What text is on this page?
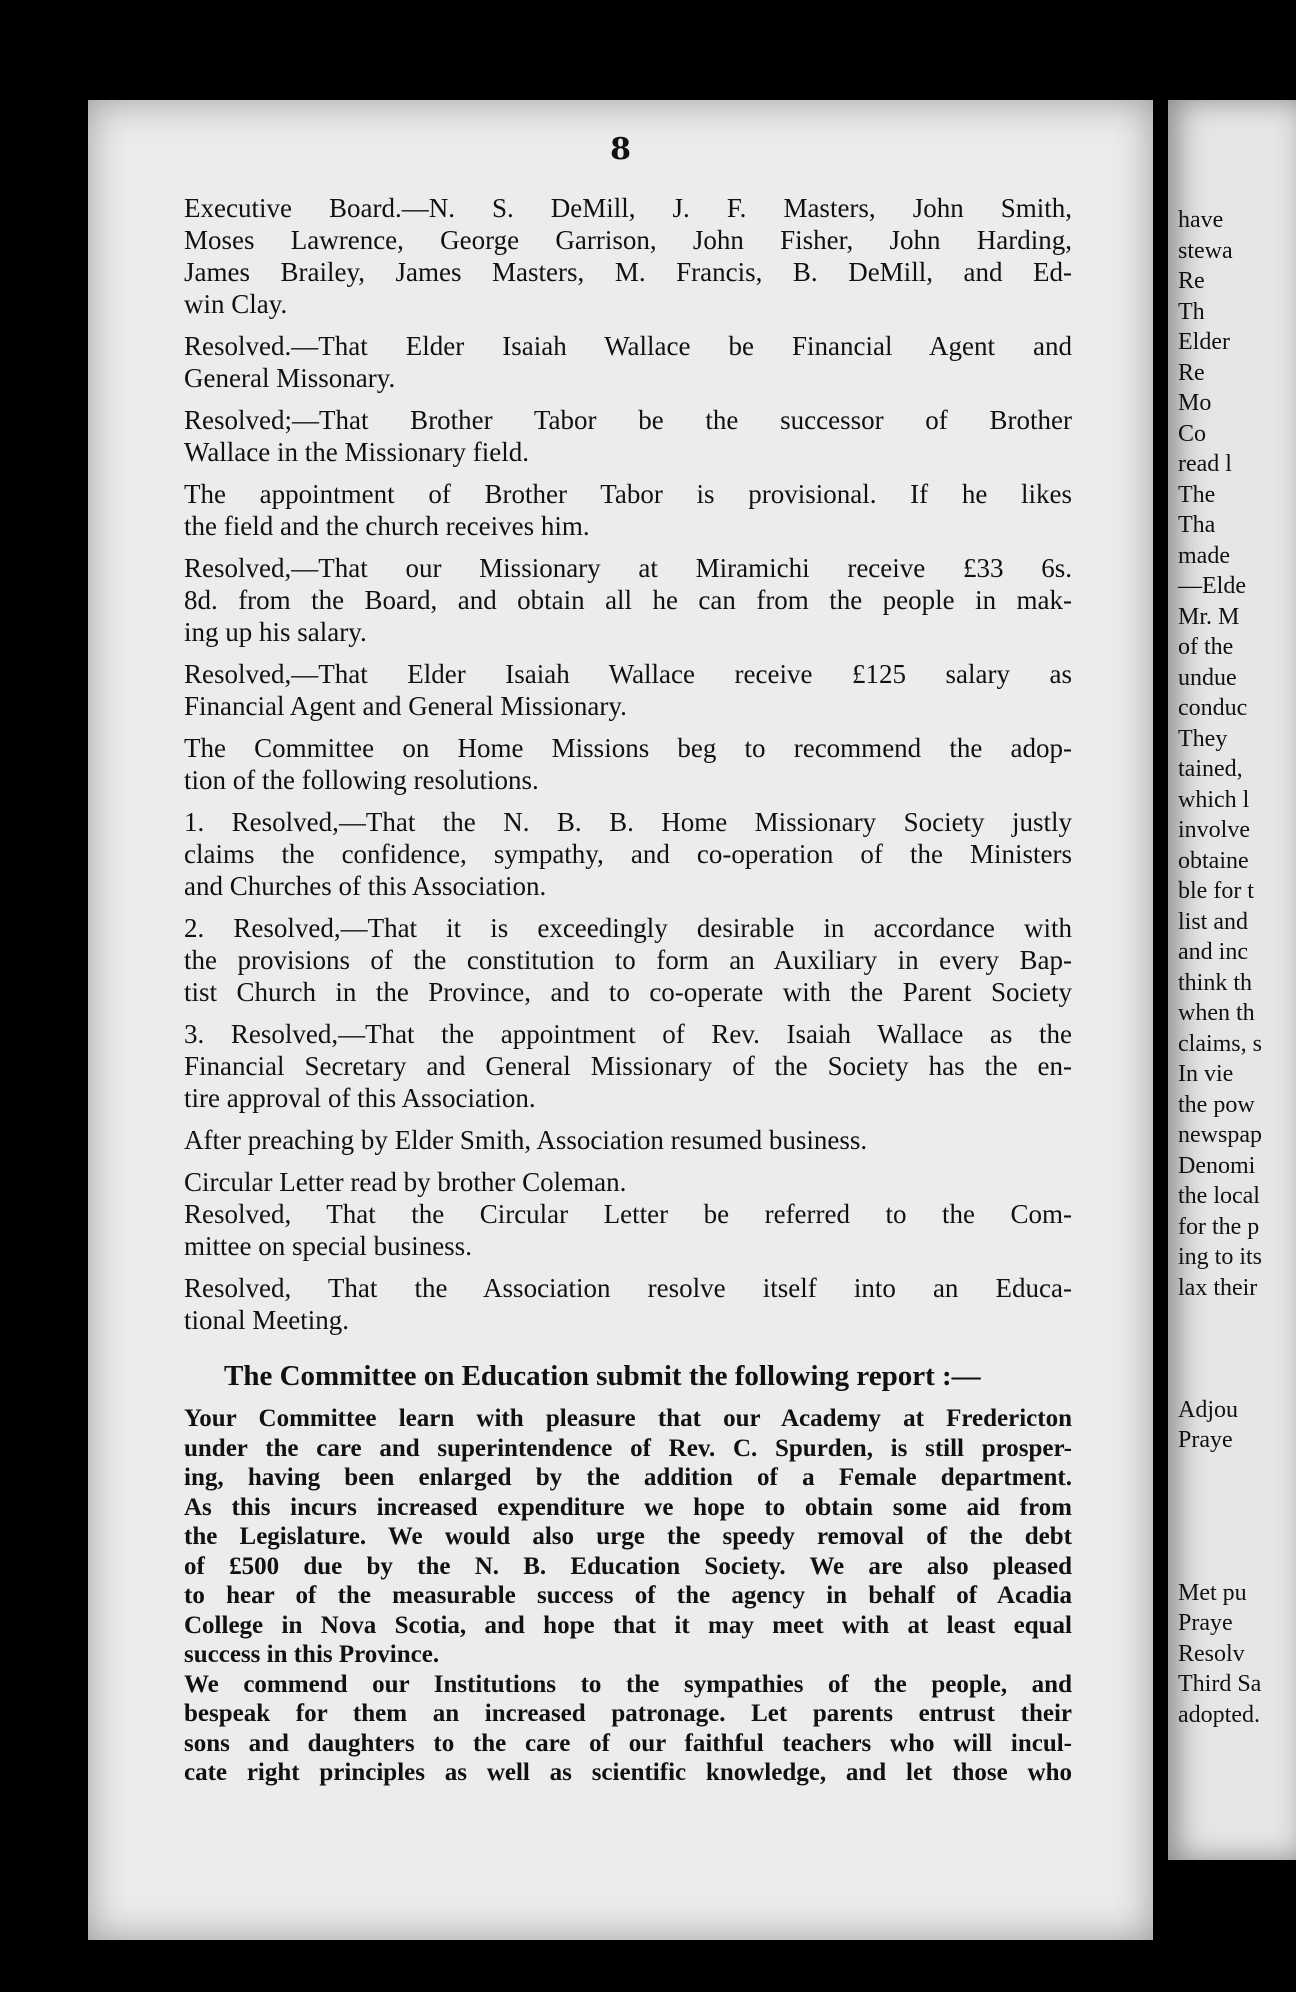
8
Executive Board.—N. S. DeMill, J. F. Masters, John Smith,
Moses Lawrence, George Garrison, John Fisher, John Harding,
James Brailey, James Masters, M. Francis, B. DeMill, and Ed-
win Clay.
Resolved.—That Elder Isaiah Wallace be Financial Agent and
General Missonary.
Resolved;—That Brother Tabor be the successor of Brother
Wallace in the Missionary field.
The appointment of Brother Tabor is provisional. If he likes
the field and the church receives him.
Resolved,—That our Missionary at Miramichi receive £33 6s.
8d. from the Board, and obtain all he can from the people in mak-
ing up his salary.
Resolved,—That Elder Isaiah Wallace receive £125 salary as
Financial Agent and General Missionary.
The Committee on Home Missions beg to recommend the adop-
tion of the following resolutions.
1. Resolved,—That the N. B. B. Home Missionary Society justly
claims the confidence, sympathy, and co-operation of the Ministers
and Churches of this Association.
2. Resolved,—That it is exceedingly desirable in accordance with
the provisions of the constitution to form an Auxiliary in every Bap-
tist Church in the Province, and to co-operate with the Parent Society
3. Resolved,—That the appointment of Rev. Isaiah Wallace as the
Financial Secretary and General Missionary of the Society has the en-
tire approval of this Association.
After preaching by Elder Smith, Association resumed business.
Circular Letter read by brother Coleman.
Resolved, That the Circular Letter be referred to the Com-
mittee on special business.
Resolved, That the Association resolve itself into an Educa-
tional Meeting.
The Committee on Education submit the following report :—
Your Committee learn with pleasure that our Academy at Fredericton
under the care and superintendence of Rev. C. Spurden, is still prosper-
ing, having been enlarged by the addition of a Female department.
As this incurs increased expenditure we hope to obtain some aid from
the Legislature. We would also urge the speedy removal of the debt
of £500 due by the N. B. Education Society. We are also pleased
to hear of the measurable success of the agency in behalf of Acadia
College in Nova Scotia, and hope that it may meet with at least equal
success in this Province.
We commend our Institutions to the sympathies of the people, and
bespeak for them an increased patronage. Let parents entrust their
sons and daughters to the care of our faithful teachers who will incul-
cate right principles as well as scientific knowledge, and let those who
have
stewa
Re
Th
Elder
Re
Mo
Co
read l
The
Tha
made
—Elde
Mr. M
of the
undue
conduc
They
tained,
which l
involve
obtaine
ble for t
list and
and inc
think th
when th
claims, s
In vie
the pow
newspap
Denomi
the local
for the p
ing to its
lax their

Adjou
Praye

Met pu
Praye
Resolv
Third Sa
adopted.
